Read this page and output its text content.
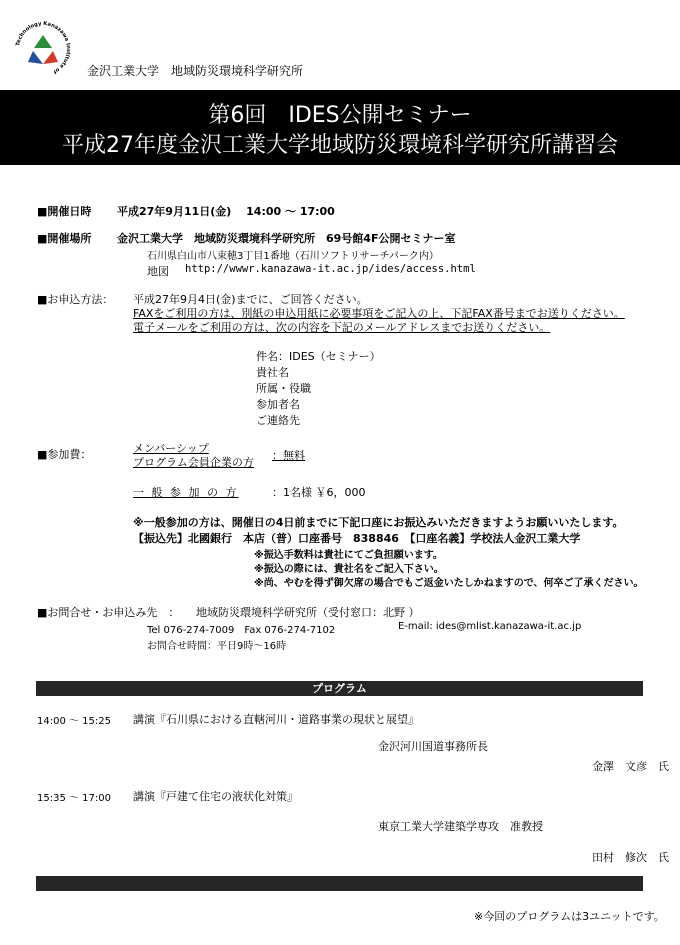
Technology Kanazawa Institute of	金沢工業大学　地域防災環境科学研究所
第6回　IDES公開セミナー
平成27年度金沢工業大学地域防災環境科学研究所講習会
■開催日時 平成27年9月11日(金)　 14:00 〜 17:00
■開催場所 金沢工業大学　地域防災環境科学研究所　69号館4F公開セミナー室
石川県白山市八束穂3丁目1番地（石川ソフトリサーチパーク内）
地図 http://wwwr.kanazawa-it.ac.jp/ides/access.html
■お申込方法： 平成27年9月4日(金)までに、ご回答ください。
FAXをご利用の方は、別紙の申込用紙に必要事項をご記入の上、下記FAX番号までお送りください。
電子メールをご利用の方は、次の内容を下記のメールアドレスまでお送りください。
件名：IDES（セミナー）
貴社名
所属・役職
参加者名
ご連絡先
■参加費：	メンバーシップ
プログラム会員企業の方
：無料
一 般 参 加 の 方	：1名様 ￥6，000
※一般参加の方は、開催日の4日前までに下記口座にお振込みいただきますようお願いいたします。
【振込先】北國銀行　本店（普）口座番号　838846　【口座名義】学校法人金沢工業大学
※振込手数料は貴社にてご負担願います。
※振込の際には、貴社名をご記入下さい。
※尚、やむを得ず御欠席の場合でもご返金いたしかねますので、何卒ご了承ください。
■お問合せ・お申込み先　： 地域防災環境科学研究所（受付窓口：北野 ）
Tel 076-274-7009　Fax 076-274-7102	E-mail: ides@mlist.kanazawa-it.ac.jp
お問合せ時間：平日9時〜16時
プログラム
14:00 〜 15:25 講演『石川県における直轄河川・道路事業の現状と展望』
金沢河川国道事務所長
金澤　文彦　氏
15:35 〜 17:00 講演『戸建て住宅の液状化対策』
東京工業大学建築学専攻　准教授
田村　修次　氏
※今回のプログラムは3ユニットです。
